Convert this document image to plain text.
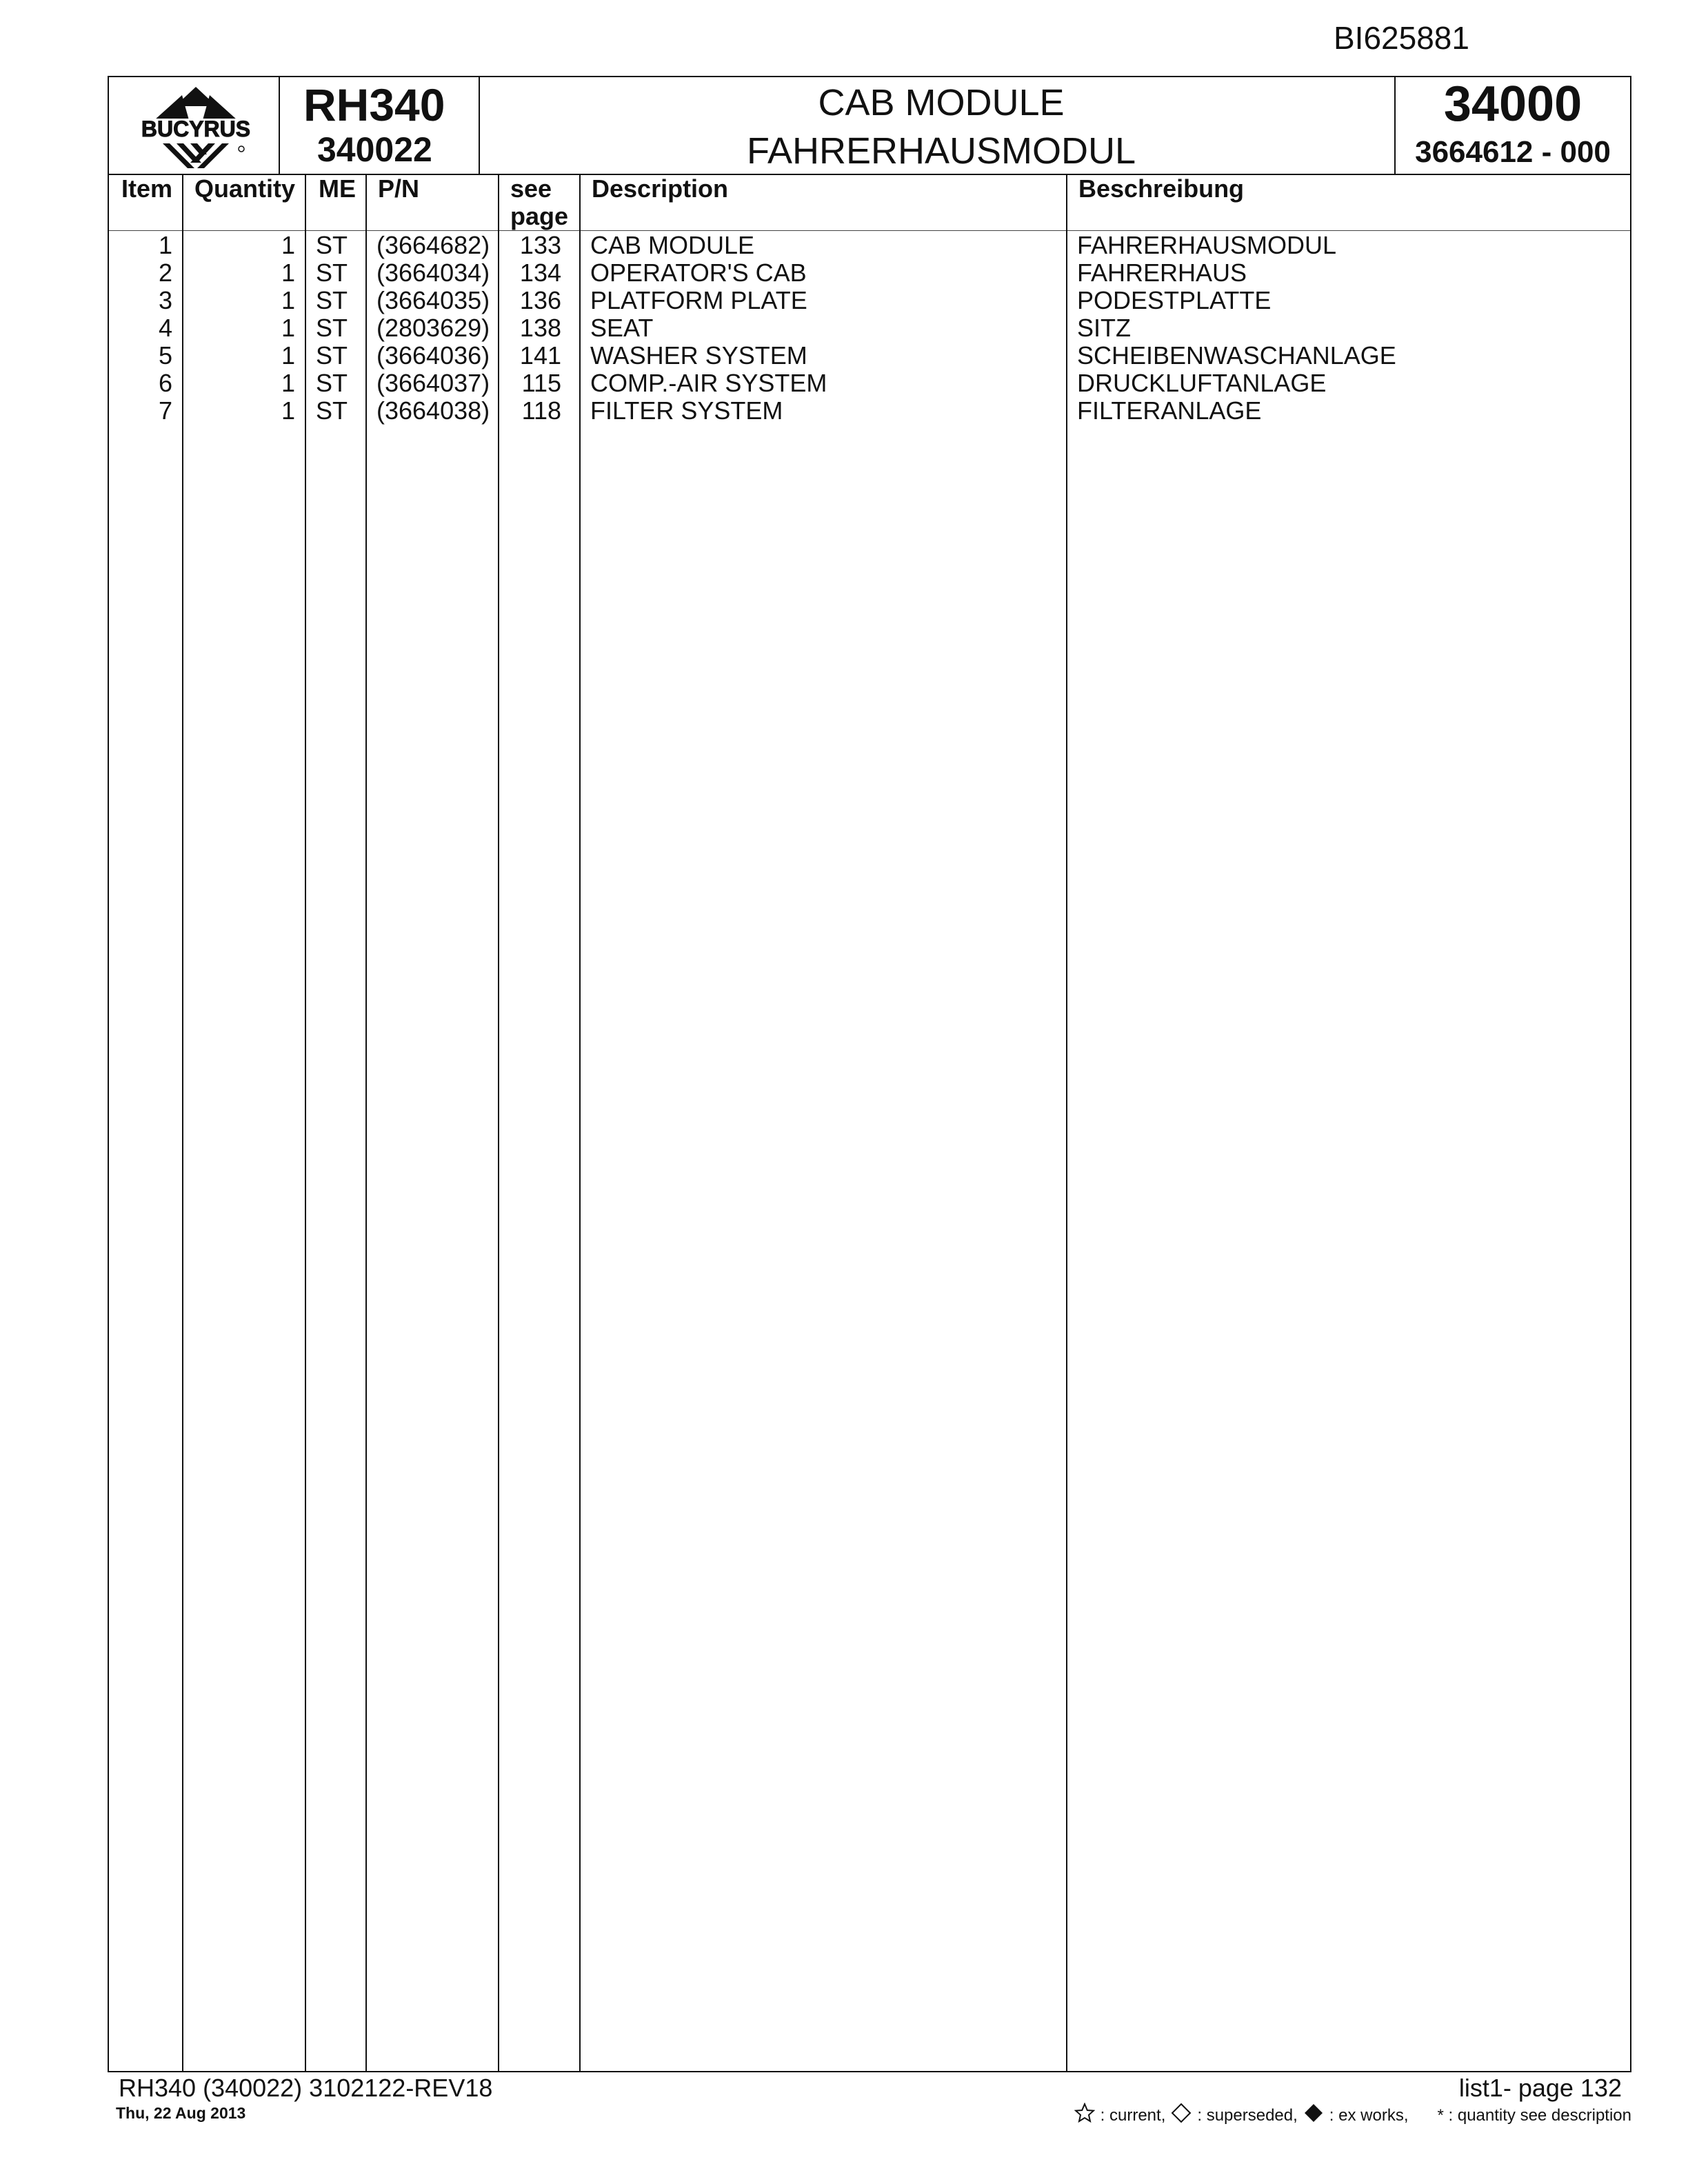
BI625881
BUCYRUS RH340
340022
CAB MODULE
FAHRERHAUSMODUL
34000
3664612 - 000
Item Quantity ME P/N	see
page
Description	Beschreibung
1	1 ST (3664682)	133 CAB MODULE	FAHRERHAUSMODUL
2	1 ST (3664034)	134 OPERATOR'S CAB	FAHRERHAUS
3	1 ST (3664035)	136 PLATFORM PLATE	PODESTPLATTE
4	1 ST (2803629)	138 SEAT	SITZ
5	1 ST (3664036)	141 WASHER SYSTEM	SCHEIBENWASCHANLAGE
6	1 ST (3664037)	115 COMP.-AIR SYSTEM	DRUCKLUFTANLAGE
7	1 ST (3664038)	118 FILTER SYSTEM	FILTERANLAGE
RH340 (340022) 3102122-REV18
Thu, 22 Aug 2013
list1- page 132
: current, : superseded, : ex works, * : quantity see description
